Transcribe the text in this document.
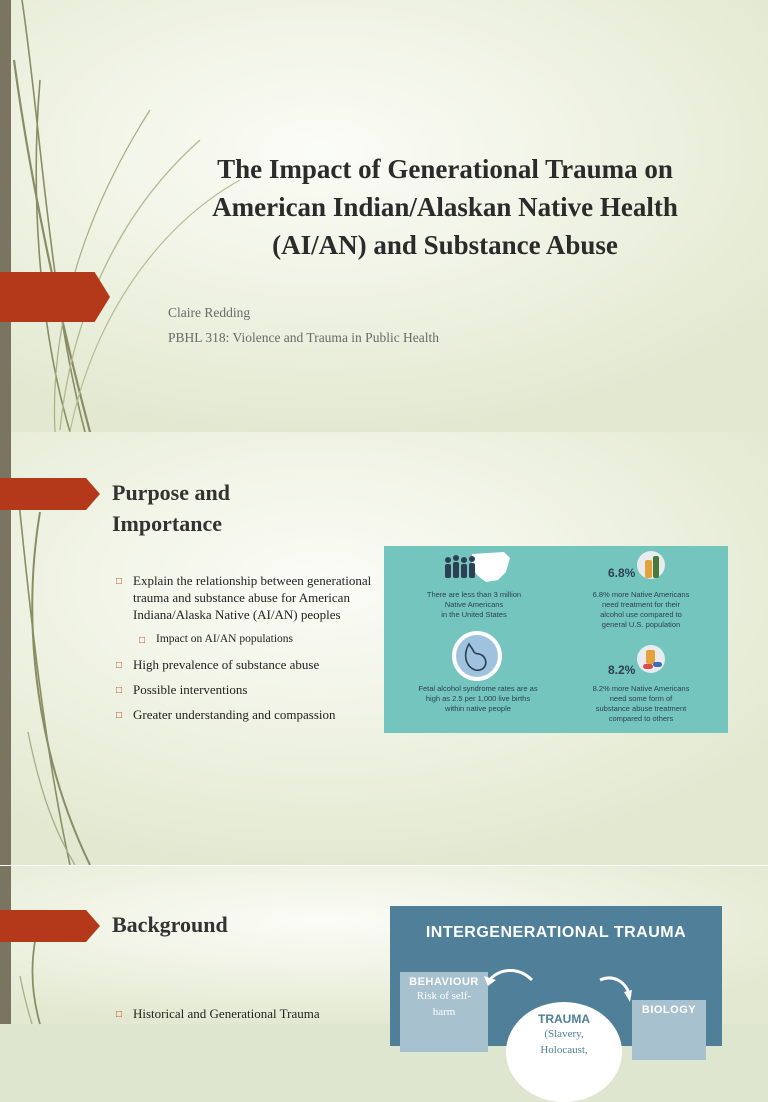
The Impact of Generational Trauma on
American Indian/Alaskan Native Health
(AI/AN) and Substance Abuse
Claire Redding
PBHL 318: Violence and Trauma in Public Health
Purpose and
Importance
□ Explain the relationship between generational trauma and substance abuse for American Indiana/Alaska Native (AI/AN) peoples
□ Impact on AI/AN populations
□ High prevalence of substance abuse
□ Possible interventions
□ Greater understanding and compassion
There are less than 3 million
Native Americans
in the United States
6.8%
6.8% more Native Americans
need treatment for their
alcohol use compared to
general U.S. population
Fetal alcohol syndrome rates are as
high as 2.5 per 1,000 live births
within native people
8.2%
8.2% more Native Americans
need some form of
substance abuse treatment
compared to others
Background
□ Historical and Generational Trauma
INTERGENERATIONAL TRAUMA
BEHAVIOUR
Risk of self-
harm	TRAUMA
(Slavery,
Holocaust,
BIOLOGY
